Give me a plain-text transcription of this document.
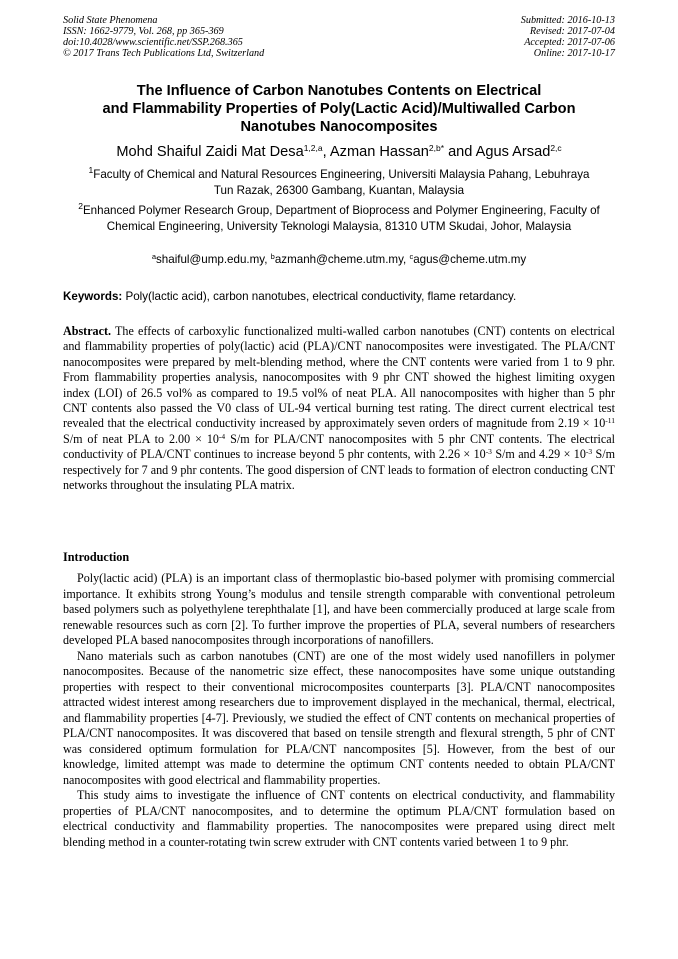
Solid State Phenomena
ISSN: 1662-9779, Vol. 268, pp 365-369
doi:10.4028/www.scientific.net/SSP.268.365
© 2017 Trans Tech Publications Ltd, Switzerland
Submitted: 2016-10-13
Revised: 2017-07-04
Accepted: 2017-07-06
Online: 2017-10-17
The Influence of Carbon Nanotubes Contents on Electrical
and Flammability Properties of Poly(Lactic Acid)/Multiwalled Carbon
Nanotubes Nanocomposites
Mohd Shaiful Zaidi Mat Desa$^{1,2,a}$, Azman Hassan$^{2,b*}$ and Agus Arsad$^{2,c}$
$^1$Faculty of Chemical and Natural Resources Engineering, Universiti Malaysia Pahang, Lebuhraya Tun Razak, 26300 Gambang, Kuantan, Malaysia
$^2$Enhanced Polymer Research Group, Department of Bioprocess and Polymer Engineering, Faculty of Chemical Engineering, University Teknologi Malaysia, 81310 UTM Skudai, Johor, Malaysia
$^a$shaiful@ump.edu.my, $^b$azmanh@cheme.utm.my, $^c$agus@cheme.utm.my
Keywords: Poly(lactic acid), carbon nanotubes, electrical conductivity, flame retardancy.
Abstract. The effects of carboxylic functionalized multi-walled carbon nanotubes (CNT) contents on electrical and flammability properties of poly(lactic) acid (PLA)/CNT nanocomposites were investigated. The PLA/CNT nanocomposites were prepared by melt-blending method, where the CNT contents were varied from 1 to 9 phr. From flammability properties analysis, nanocomposites with 9 phr CNT showed the highest limiting oxygen index (LOI) of 26.5 vol% as compared to 19.5 vol% of neat PLA. All nanocomposites with higher than 5 phr CNT contents also passed the V0 class of UL-94 vertical burning test rating. The direct current electrical test revealed that the electrical conductivity increased by approximately seven orders of magnitude from $2.19 \times 10^{-11}$ S/m of neat PLA to $2.00 \times 10^{-4}$ S/m for PLA/CNT nanocomposites with 5 phr CNT contents. The electrical conductivity of PLA/CNT continues to increase beyond 5 phr contents, with $2.26 \times 10^{-3}$ S/m and $4.29 \times 10^{-3}$ S/m respectively for 7 and 9 phr contents. The good dispersion of CNT leads to formation of electron conducting CNT networks throughout the insulating PLA matrix.
Introduction

Poly(lactic acid) (PLA) is an important class of thermoplastic bio-based polymer with promising commercial importance. It exhibits strong Young’s modulus and tensile strength comparable with conventional petroleum based polymers such as polyethylene terephthalate [1], and have been commercially produced at large scale from renewable resources such as corn [2]. To further improve the properties of PLA, several numbers of researchers developed PLA based nanocomposites through incorporations of nanofillers.

Nano materials such as carbon nanotubes (CNT) are one of the most widely used nanofillers in polymer nanocomposites. Because of the nanometric size effect, these nanocomposites have some unique outstanding properties with respect to their conventional microcomposites counterparts [3]. PLA/CNT nanocomposites attracted widest interest among researchers due to improvement displayed in the mechanical, thermal, electrical, and flammability properties [4-7]. Previously, we studied the effect of CNT contents on mechanical properties of PLA/CNT nanocomposites. It was discovered that based on tensile strength and flexural strength, 5 phr of CNT was considered optimum formulation for PLA/CNT nancomposites [5]. However, from the best of our knowledge, limited attempt was made to determine the optimum CNT contents needed to obtain PLA/CNT nanocomposites with good electrical and flammability properties.

This study aims to investigate the influence of CNT contents on electrical conductivity, and flammability properties of PLA/CNT nanocomposites, and to determine the optimum PLA/CNT formulation based on electrical conductivity and flammability properties. The nanocomposites were prepared using direct melt blending method in a counter-rotating twin screw extruder with CNT contents varied between 1 to 9 phr.
